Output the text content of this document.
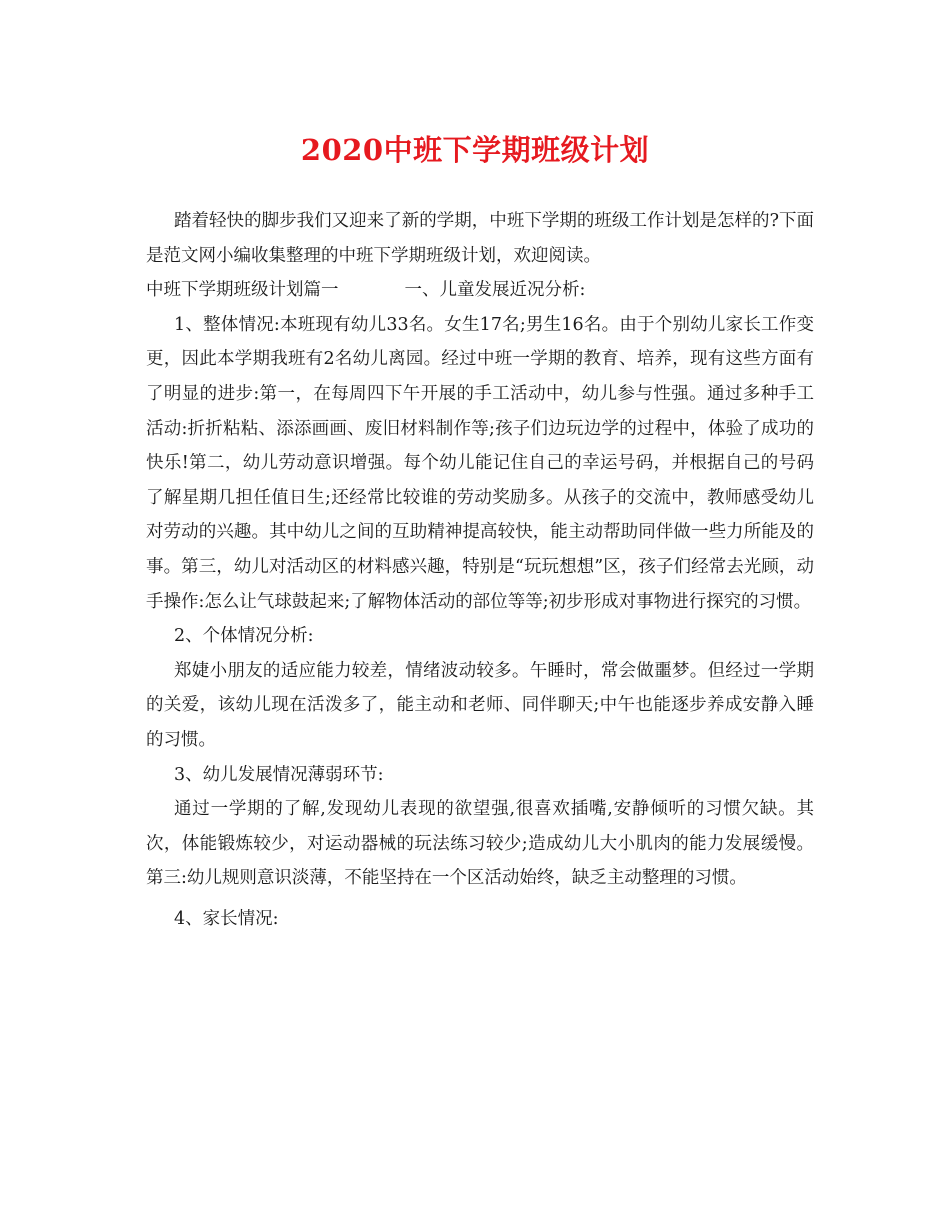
2020中班下学期班级计划

踏着轻快的脚步我们又迎来了新的学期，中班下学期的班级工作计划是怎样的?下面是范文网小编收集整理的中班下学期班级计划，欢迎阅读。

中班下学期班级计划篇一	一、儿童发展近况分析:

1、整体情况:本班现有幼儿33名。女生17名;男生16名。由于个别幼儿家长工作变更，因此本学期我班有2名幼儿离园。经过中班一学期的教育、培养，现有这些方面有了明显的进步:第一，在每周四下午开展的手工活动中，幼儿参与性强。通过多种手工活动:折折粘粘、添添画画、废旧材料制作等;孩子们边玩边学的过程中，体验了成功的快乐!第二，幼儿劳动意识增强。每个幼儿能记住自己的幸运号码，并根据自己的号码了解星期几担任值日生;还经常比较谁的劳动奖励多。从孩子的交流中，教师感受幼儿对劳动的兴趣。其中幼儿之间的互助精神提高较快，能主动帮助同伴做一些力所能及的事。第三，幼儿对活动区的材料感兴趣，特别是“玩玩想想”区，孩子们经常去光顾，动手操作:怎么让气球鼓起来;了解物体活动的部位等等;初步形成对事物进行探究的习惯。

2、个体情况分析:

郑婕小朋友的适应能力较差，情绪波动较多。午睡时，常会做噩梦。但经过一学期的关爱，该幼儿现在活泼多了，能主动和老师、同伴聊天;中午也能逐步养成安静入睡的习惯。

3、幼儿发展情况薄弱环节:

通过一学期的了解,发现幼儿表现的欲望强,很喜欢插嘴,安静倾听的习惯欠缺。其次，体能锻炼较少，对运动器械的玩法练习较少;造成幼儿大小肌肉的能力发展缓慢。第三:幼儿规则意识淡薄，不能坚持在一个区活动始终，缺乏主动整理的习惯。

4、家长情况:
